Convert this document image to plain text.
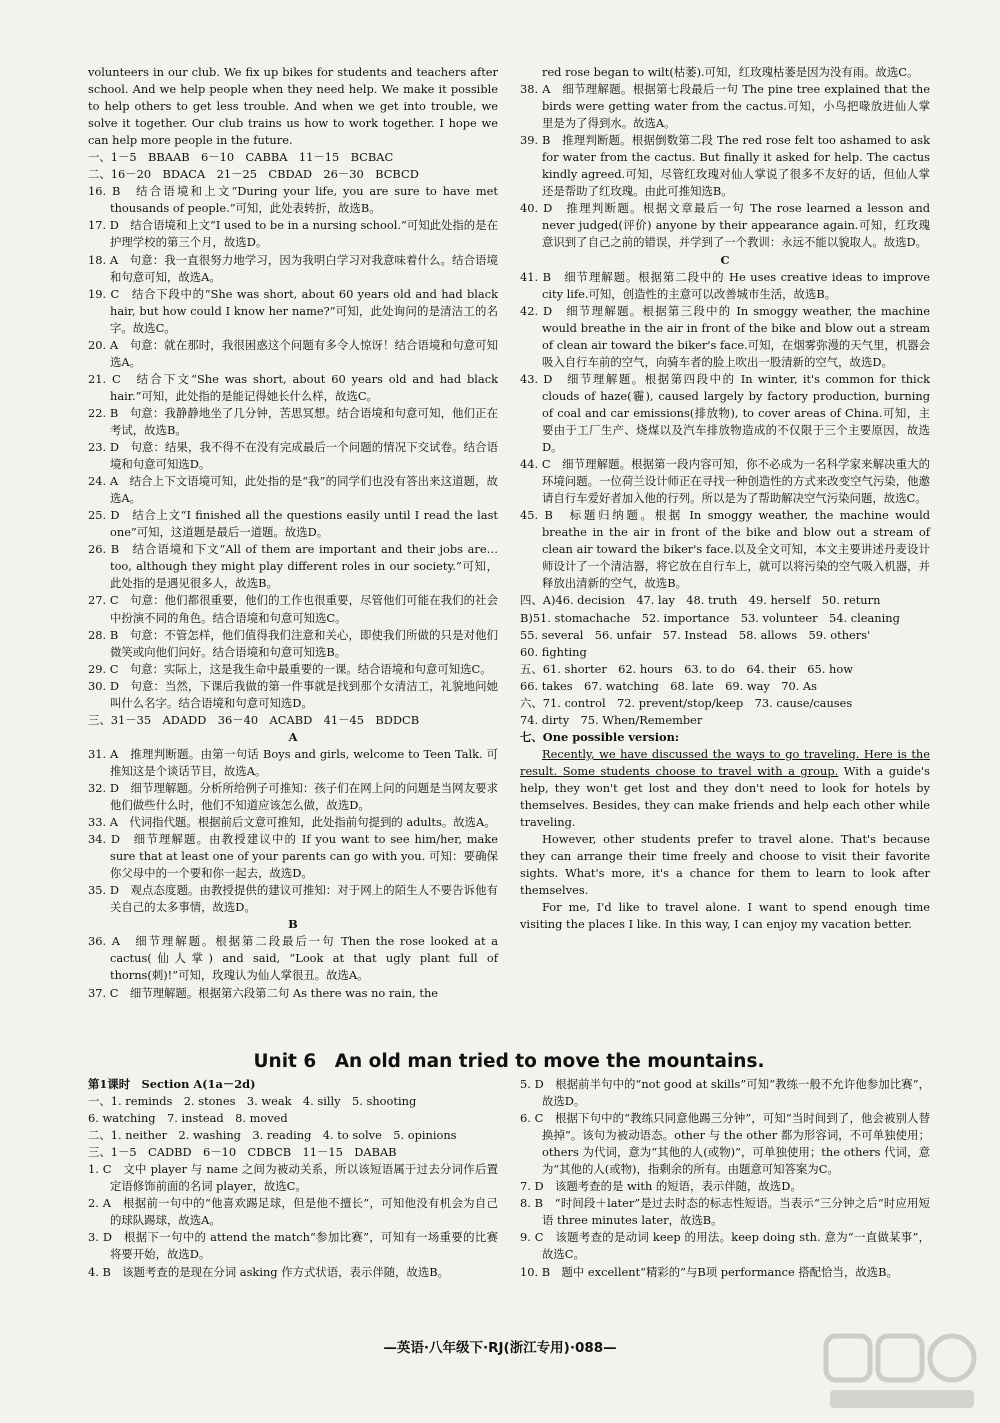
volunteers in our club. We fix up bikes for students and teachers after school. And we help people when they need help. We make it possible to help others to get less trouble. And when we get into trouble, we solve it together. Our club trains us how to work together. I hope we can help more people in the future.

一、1－5　BBAAB　6－10　CABBA　11－15　BCBAC

二、16－20　BDACA　21－25　CBDAD　26－30　BCBCD

16. B　结合语境和上文“During your life, you are sure to have met thousands of people.”可知，此处表转折，故选B。

17. D　结合语境和上文“I used to be in a nursing school.”可知此处指的是在护理学校的第三个月，故选D。

18. A　句意：我一直很努力地学习，因为我明白学习对我意味着什么。结合语境和句意可知，故选A。

19. C　结合下段中的“She was short, about 60 years old and had black hair, but how could I know her name?”可知，此处询问的是清洁工的名字。故选C。

20. A　句意：就在那时，我很困惑这个问题有多令人惊讶！结合语境和句意可知选A。

21. C　结合下文“She was short, about 60 years old and had black hair.”可知，此处指的是能记得她长什么样，故选C。

22. B　句意：我静静地坐了几分钟，苦思冥想。结合语境和句意可知，他们正在考试，故选B。

23. D　句意：结果，我不得不在没有完成最后一个问题的情况下交试卷。结合语境和句意可知选D。

24. A　结合上下文语境可知，此处指的是“我”的同学们也没有答出来这道题，故选A。

25. D　结合上文“I finished all the questions easily until I read the last one”可知，这道题是最后一道题。故选D。

26. B　结合语境和下文“All of them are important and their jobs are… too, although they might play different roles in our society.”可知，此处指的是遇见很多人，故选B。

27. C　句意：他们都很重要，他们的工作也很重要，尽管他们可能在我们的社会中扮演不同的角色。结合语境和句意可知选C。

28. B　句意：不管怎样，他们值得我们注意和关心，即使我们所做的只是对他们微笑或向他们问好。结合语境和句意可知选B。

29. C　句意：实际上，这是我生命中最重要的一课。结合语境和句意可知选C。

30. D　句意：当然，下课后我做的第一件事就是找到那个女清洁工，礼貌地问她叫什么名字。结合语境和句意可知选D。

三、31－35　ADADD　36－40　ACABD　41－45　BDDCB

A

31. A　推理判断题。由第一句话 Boys and girls, welcome to Teen Talk. 可推知这是个谈话节目，故选A。

32. D　细节理解题。分析所给例子可推知：孩子们在网上问的问题是当网友要求他们做些什么时，他们不知道应该怎么做，故选D。

33. A　代词指代题。根据前后文意可推知，此处指前句提到的 adults。故选A。

34. D　细节理解题。由教授建议中的 If you want to see him/her, make sure that at least one of your parents can go with you. 可知：要确保你父母中的一个要和你一起去，故选D。

35. D　观点态度题。由教授提供的建议可推知：对于网上的陌生人不要告诉他有关自己的太多事情，故选D。

B

36. A　细节理解题。根据第二段最后一句 Then the rose looked at a cactus(仙人掌) and said, “Look at that ugly plant full of thorns(刺)!”可知，玫瑰认为仙人掌很丑。故选A。

37. C　细节理解题。根据第六段第二句 As there was no rain, the

red rose began to wilt(枯萎).可知，红玫瑰枯萎是因为没有雨。故选C。

38. A　细节理解题。根据第七段最后一句 The pine tree explained that the birds were getting water from the cactus.可知，小鸟把喙放进仙人掌里是为了得到水。故选A。

39. B　推理判断题。根据倒数第二段 The red rose felt too ashamed to ask for water from the cactus. But finally it asked for help. The cactus kindly agreed.可知，尽管红玫瑰对仙人掌说了很多不友好的话，但仙人掌还是帮助了红玫瑰。由此可推知选B。

40. D　推理判断题。根据文章最后一句 The rose learned a lesson and never judged(评价) anyone by their appearance again.可知，红玫瑰意识到了自己之前的错误，并学到了一个教训：永远不能以貌取人。故选D。

C

41. B　细节理解题。根据第二段中的 He uses creative ideas to improve city life.可知，创造性的主意可以改善城市生活，故选B。

42. D　细节理解题。根据第三段中的 In smoggy weather, the machine would breathe in the air in front of the bike and blow out a stream of clean air toward the biker's face.可知，在烟雾弥漫的天气里，机器会吸入自行车前的空气，向骑车者的脸上吹出一股清新的空气，故选D。

43. D　细节理解题。根据第四段中的 In winter, it's common for thick clouds of haze(霾), caused largely by factory production, burning of coal and car emissions(排放物), to cover areas of China.可知，主要由于工厂生产、烧煤以及汽车排放物造成的不仅限于三个主要原因，故选D。

44. C　细节理解题。根据第一段内容可知，你不必成为一名科学家来解决重大的环境问题。一位荷兰设计师正在寻找一种创造性的方式来改变空气污染，他邀请自行车爱好者加入他的行列。所以是为了帮助解决空气污染问题，故选C。

45. B　标题归纳题。根据 In smoggy weather, the machine would breathe in the air in front of the bike and blow out a stream of clean air toward the biker's face.以及全文可知，本文主要讲述丹麦设计师设计了一个清洁器，将它放在自行车上，就可以将污染的空气吸入机器，并释放出清新的空气，故选B。

四、A)46. decision　47. lay　48. truth　49. herself　50. return

B)51. stomachache　52. importance　53. volunteer　54. cleaning

55. several　56. unfair　57. Instead　58. allows　59. others'

60. fighting

五、61. shorter　62. hours　63. to do　64. their　65. how

66. takes　67. watching　68. late　69. way　70. As

六、71. control　72. prevent/stop/keep　73. cause/causes

74. dirty　75. When/Remember

七、One possible version:

Recently, we have discussed the ways to go traveling. Here is the result. Some students choose to travel with a group. With a guide's help, they won't get lost and they don't need to look for hotels by themselves. Besides, they can make friends and help each other while traveling.

However, other students prefer to travel alone. That's because they can arrange their time freely and choose to visit their favorite sights. What's more, it's a chance for them to learn to look after themselves.

For me, I'd like to travel alone. I want to spend enough time visiting the places I like. In this way, I can enjoy my vacation better.

Unit 6　An old man tried to move the mountains.

第1课时　Section A(1a－2d)

一、1. reminds　2. stones　3. weak　4. silly　5. shooting

6. watching　7. instead　8. moved

二、1. neither　2. washing　3. reading　4. to solve　5. opinions

三、1－5　CADBD　6－10　CDBCB　11－15　DABAB

1. C　文中 player 与 name 之间为被动关系，所以该短语属于过去分词作后置定语修饰前面的名词 player，故选C。

2. A　根据前一句中的“他喜欢踢足球，但是他不擅长”，可知他没有机会为自己的球队踢球，故选A。

3. D　根据下一句中的 attend the match“参加比赛”，可知有一场重要的比赛将要开始，故选D。

4. B　该题考查的是现在分词 asking 作方式状语，表示伴随，故选B。

5. D　根据前半句中的“not good at skills”可知“教练一般不允许他参加比赛”，故选D。

6. C　根据下句中的“教练只同意他踢三分钟”，可知“当时间到了，他会被别人替换掉”。该句为被动语态。other 与 the other 都为形容词，不可单独使用；others 为代词，意为“其他的人(或物)”，可单独使用；the others 代词，意为“其他的人(或物)，指剩余的所有。由题意可知答案为C。

7. D　该题考查的是 with 的短语，表示伴随，故选D。

8. B　“时间段＋later”是过去时态的标志性短语。当表示“三分钟之后”时应用短语 three minutes later，故选B。

9. C　该题考查的是动词 keep 的用法。keep doing sth. 意为“一直做某事”，故选C。

10. B　题中 excellent“精彩的”与B项 performance 搭配恰当，故选B。

—英语·八年级下·RJ(浙江专用)·088—
